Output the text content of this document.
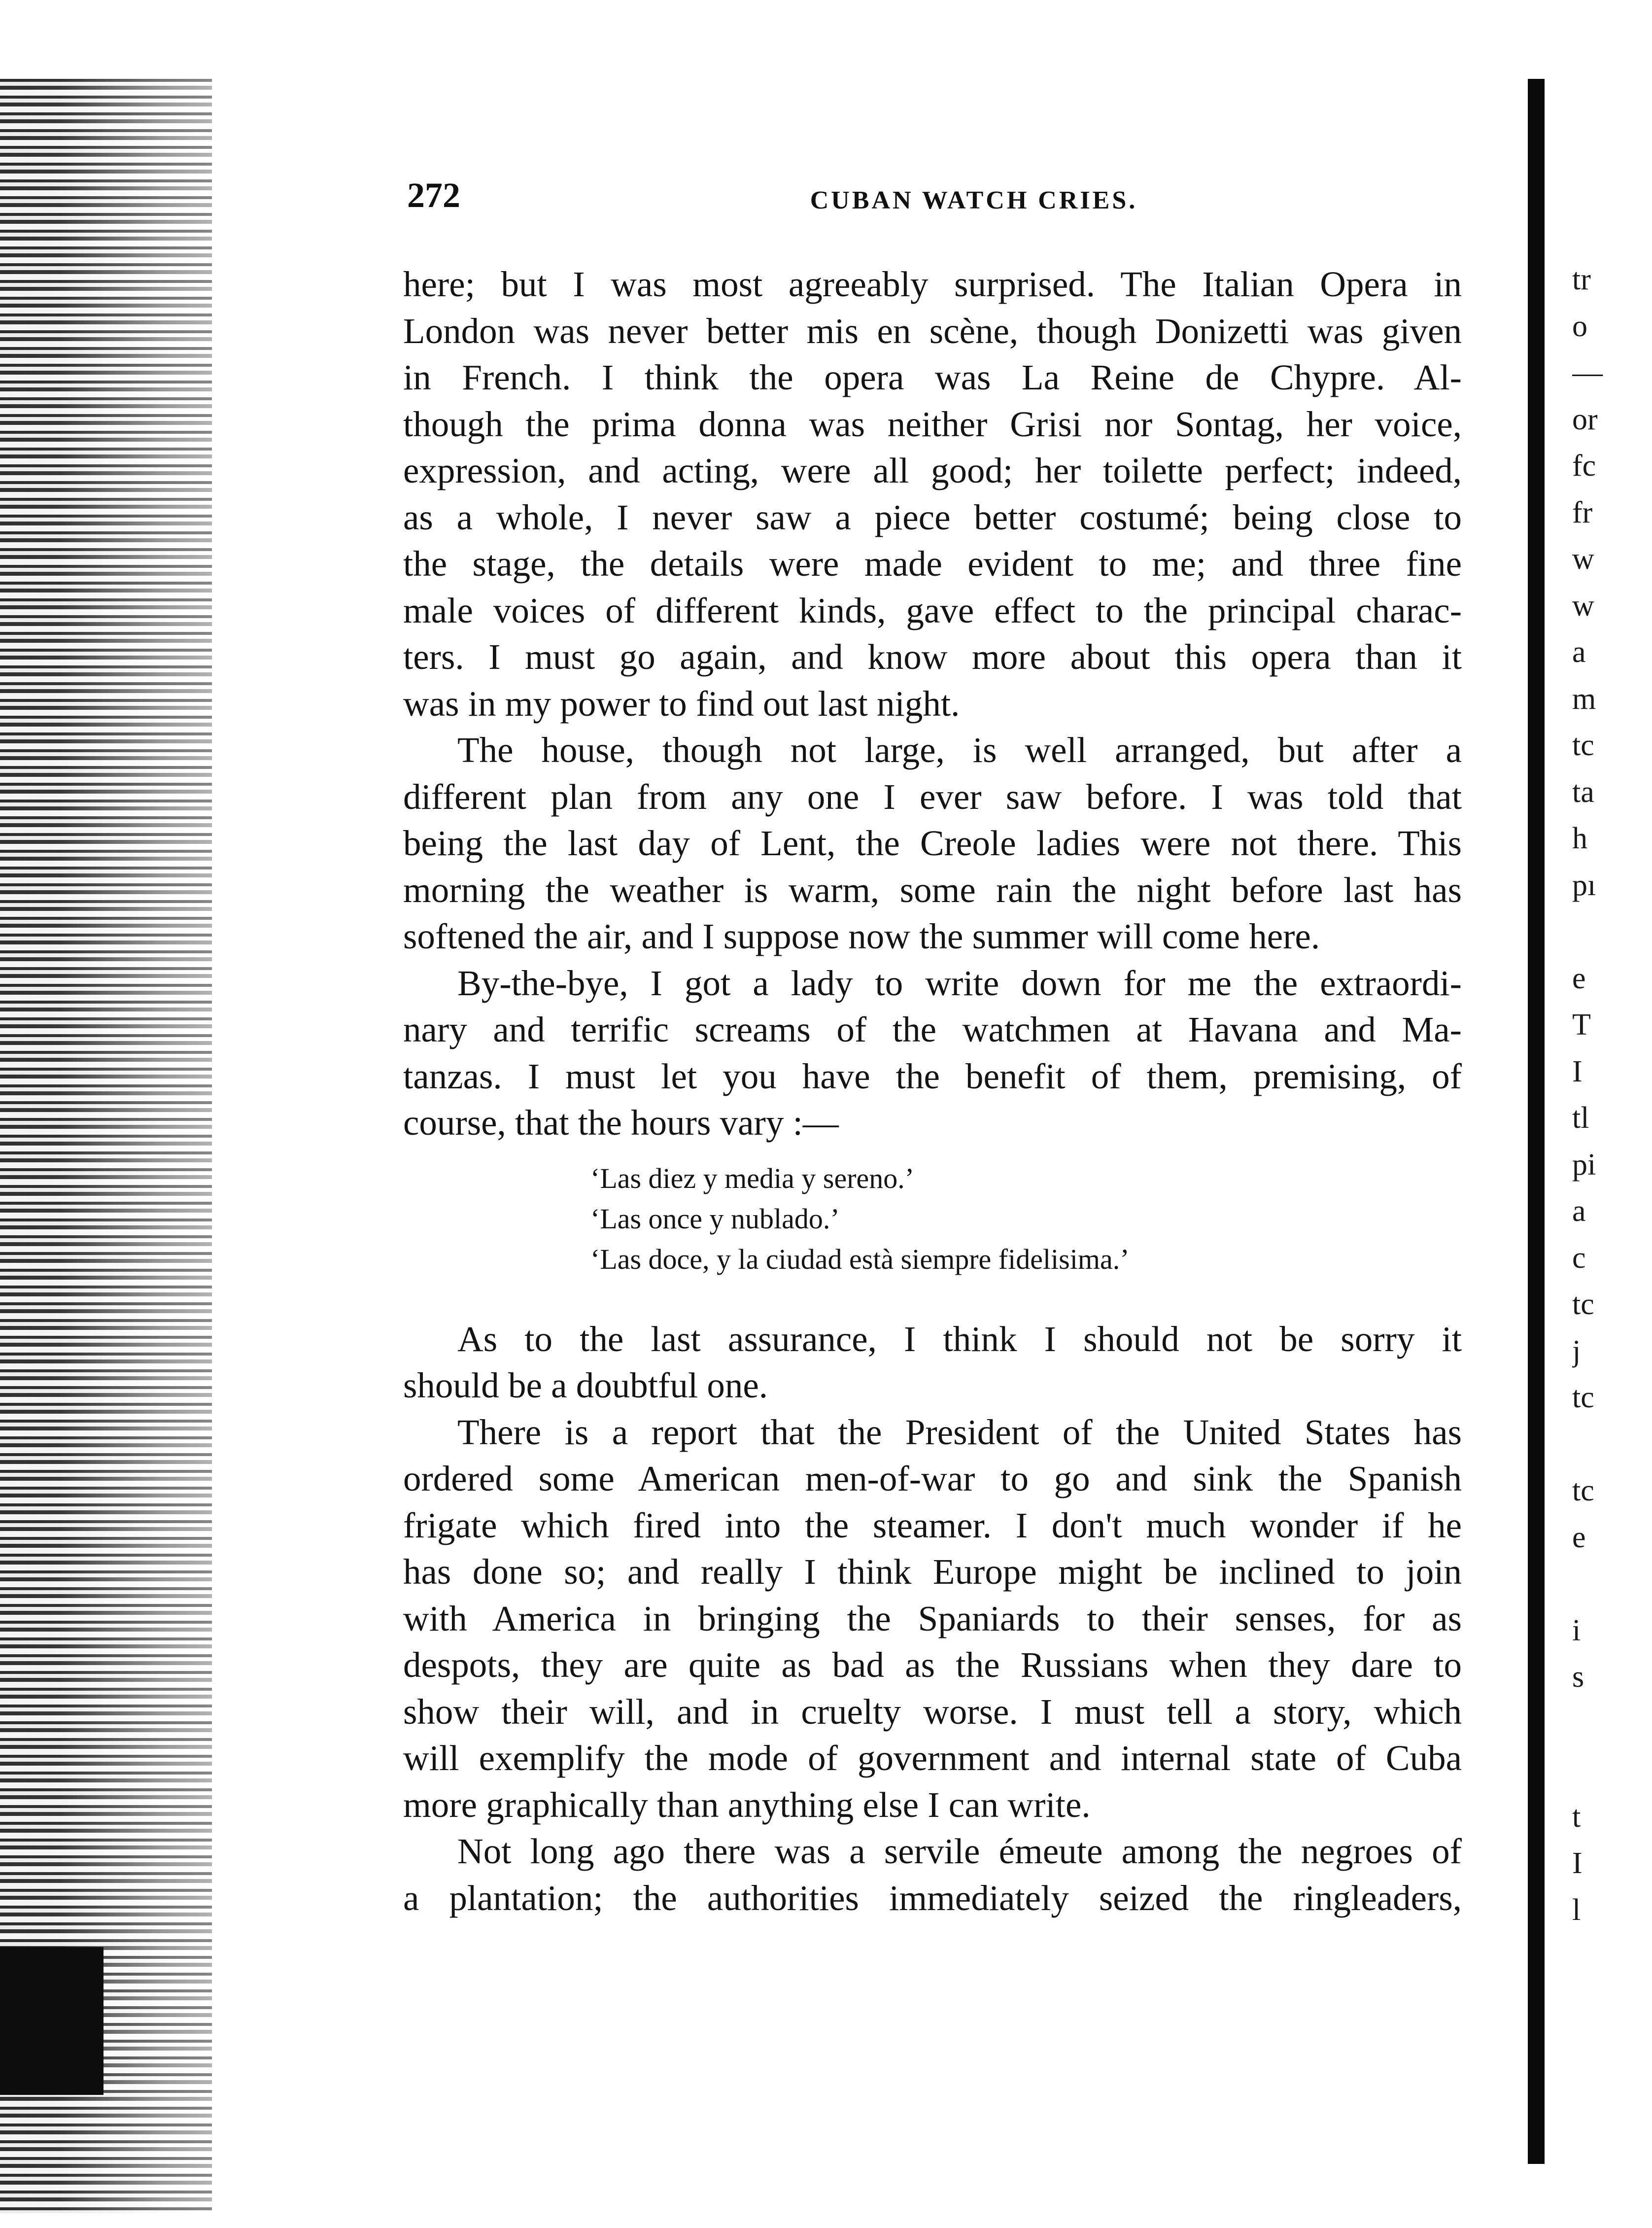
tr
o
—
or
fc
fr
w
w
a
m
tc
ta
h
pı
e
T
I
tl
pi
a
c
tc
j
tc
tc
e
i
s
t
I
l
272	CUBAN WATCH CRIES.
here; but I was most agreeably surprised. The Italian Opera in
London was never better mis en scène, though Donizetti was given
in French. I think the opera was La Reine de Chypre. Al-
though the prima donna was neither Grisi nor Sontag, her voice,
expression, and acting, were all good; her toilette perfect; indeed,
as a whole, I never saw a piece better costumé; being close to
the stage, the details were made evident to me; and three fine
male voices of different kinds, gave effect to the principal charac-
ters. I must go again, and know more about this opera than it
was in my power to find out last night.
The house, though not large, is well arranged, but after a
different plan from any one I ever saw before. I was told that
being the last day of Lent, the Creole ladies were not there. This
morning the weather is warm, some rain the night before last has
softened the air, and I suppose now the summer will come here.
By-the-bye, I got a lady to write down for me the extraordi-
nary and terrific screams of the watchmen at Havana and Ma-
tanzas. I must let you have the benefit of them, premising, of
course, that the hours vary :—
‘Las diez y media y sereno.’
‘Las once y nublado.’
‘Las doce, y la ciudad està siempre fidelisima.’
As to the last assurance, I think I should not be sorry it
should be a doubtful one.
There is a report that the President of the United States has
ordered some American men-of-war to go and sink the Spanish
frigate which fired into the steamer. I don't much wonder if he
has done so; and really I think Europe might be inclined to join
with America in bringing the Spaniards to their senses, for as
despots, they are quite as bad as the Russians when they dare to
show their will, and in cruelty worse. I must tell a story, which
will exemplify the mode of government and internal state of Cuba
more graphically than anything else I can write.
Not long ago there was a servile émeute among the negroes of
a plantation; the authorities immediately seized the ringleaders,
